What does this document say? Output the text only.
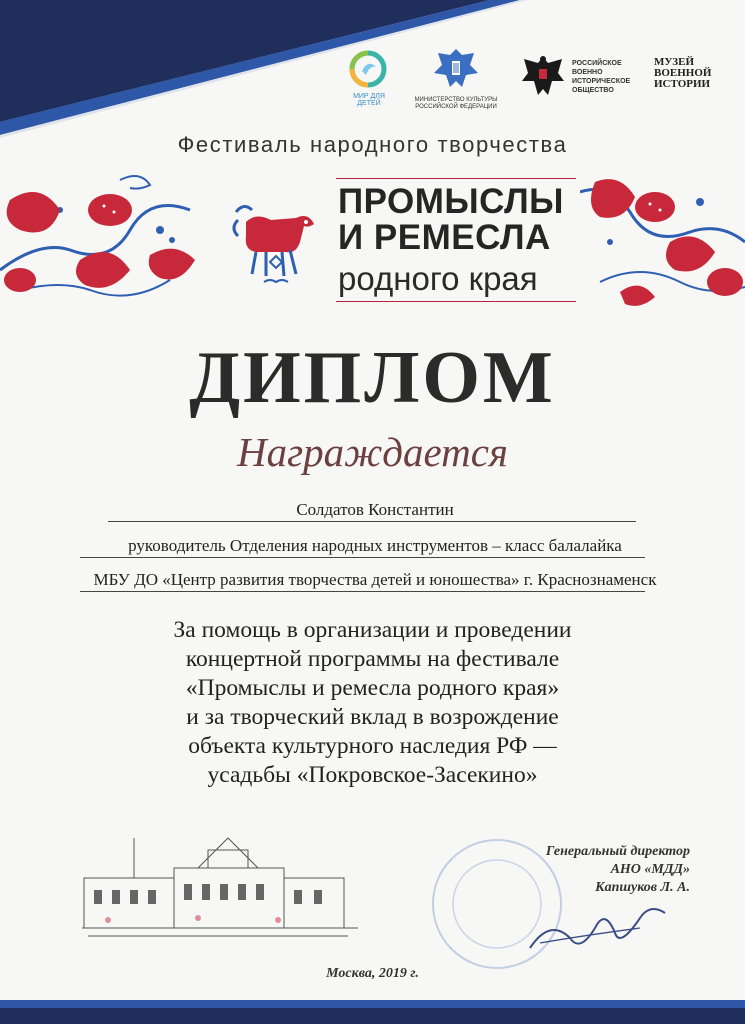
МИР ДЛЯ ДЕТЕЙ	МИНИСТЕРСТВО КУЛЬТУРЫ РОССИЙСКОЙ ФЕДЕРАЦИИ
РОССИЙСКОЕ
ВОЕННО
ИСТОРИЧЕСКОЕ
ОБЩЕСТВО
МУЗЕЙ
ВОЕННОЙ
ИСТОРИИ
Фестиваль народного творчества
ПРОМЫСЛЫ
И РЕМЕСЛА
родного края
ДИПЛОМ
Награждается
Солдатов Константин
руководитель Отделения народных инструментов – класс балалайка
МБУ ДО «Центр развития творчества детей и юношества» г. Краснознаменск
За помощь в организации и проведении
концертной программы на фестивале
«Промыслы и ремесла родного края»
и за творческий вклад в возрождение
объекта культурного наследия РФ —
усадьбы «Покровское-Засекино»
Генеральный директор
АНО «МДД»
Капшуков Л. А.
Москва, 2019 г.
